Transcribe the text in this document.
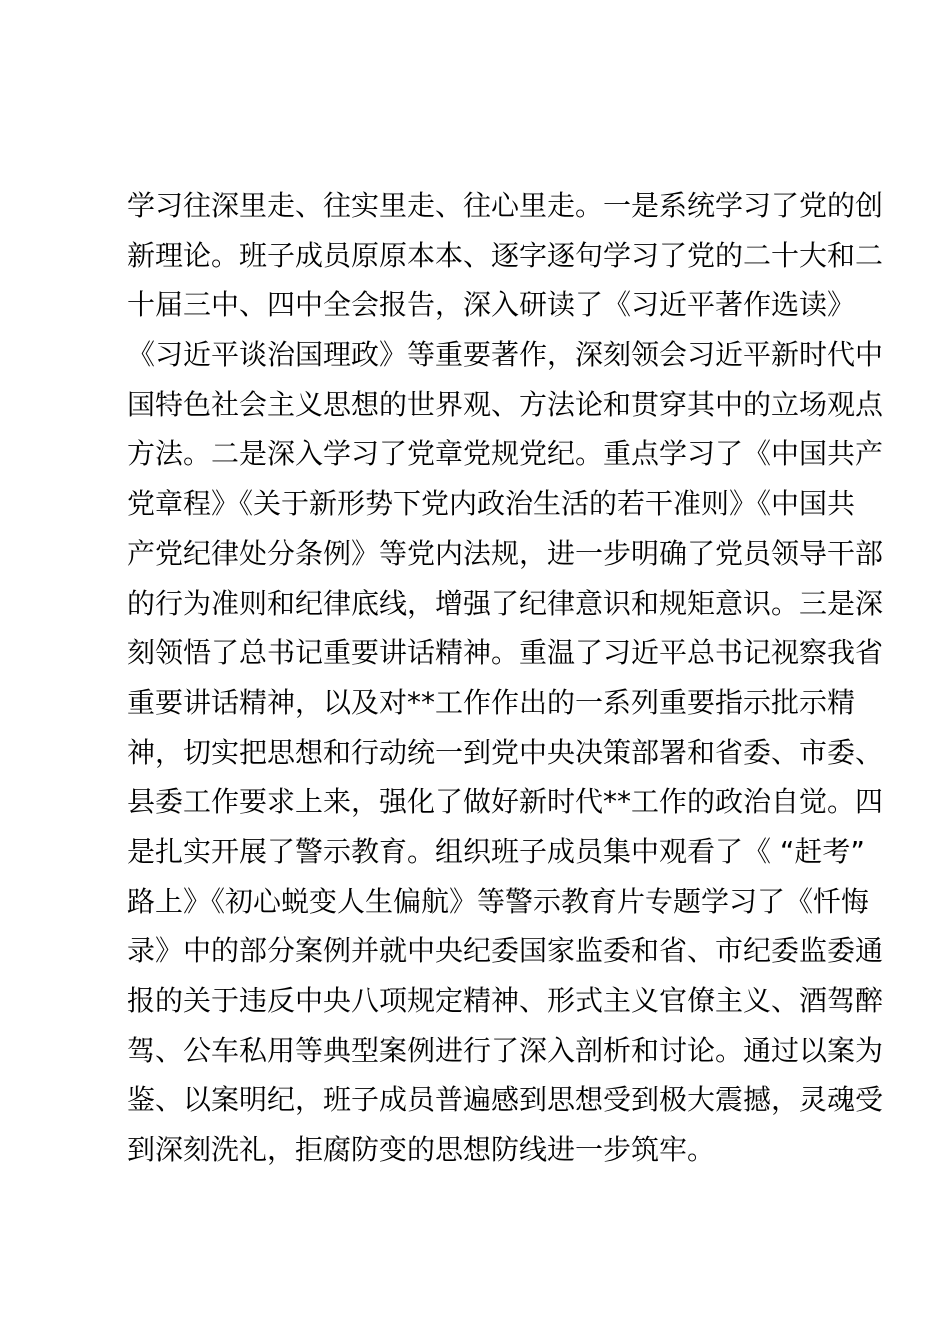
学习往深里走、往实里走、往心里走。一是系统学习了党的创
新理论。班子成员原原本本、逐字逐句学习了党的二十大和二
十届三中、四中全会报告，深入研读了《习近平著作选读》
《习近平谈治国理政》等重要著作，深刻领会习近平新时代中
国特色社会主义思想的世界观、方法论和贯穿其中的立场观点
方法。二是深入学习了党章党规党纪。重点学习了《中国共产
党章程》《关于新形势下党内政治生活的若干准则》《中国共
产党纪律处分条例》等党内法规，进一步明确了党员领导干部
的行为准则和纪律底线，增强了纪律意识和规矩意识。三是深
刻领悟了总书记重要讲话精神。重温了习近平总书记视察我省
重要讲话精神，以及对**工作作出的一系列重要指示批示精
神，切实把思想和行动统一到党中央决策部署和省委、市委、
县委工作要求上来，强化了做好新时代**工作的政治自觉。四
是扎实开展了警示教育。组织班子成员集中观看了《 “赶考”
路上》《初心蜕变人生偏航》等警示教育片专题学习了《忏悔
录》中的部分案例并就中央纪委国家监委和省、市纪委监委通
报的关于违反中央八项规定精神、形式主义官僚主义、酒驾醉
驾、公车私用等典型案例进行了深入剖析和讨论。通过以案为
鉴、以案明纪，班子成员普遍感到思想受到极大震撼，灵魂受
到深刻洗礼，拒腐防变的思想防线进一步筑牢。
